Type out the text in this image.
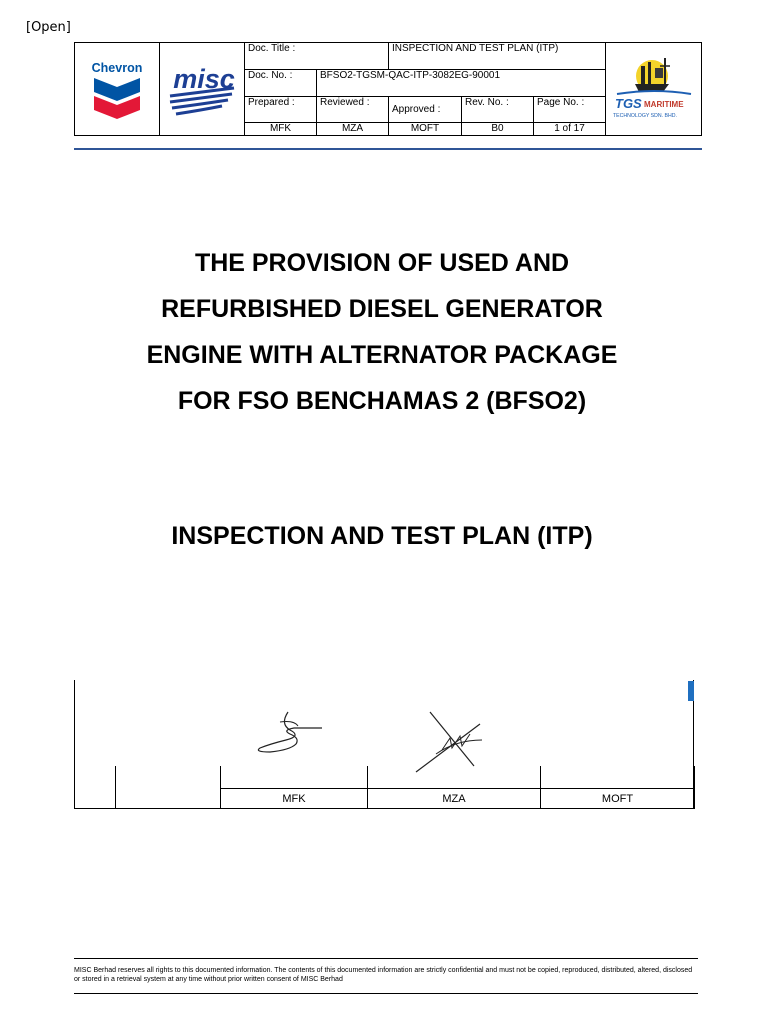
[Open]
Chevron	misc	Doc. Title :		INSPECTION AND TEST PLAN (ITP)			TGS MARITIME
TECHNOLOGY SDN. BHD.

		Doc. No. :	BFSO2-TGSM-QAC-ITP-3082EG-90001				
		Prepared :	Reviewed :	Approved :	Rev. No. :	Page No. :	
		MFK	MZA	MOFT	B0	1 of 17	
THE PROVISION OF USED AND
REFURBISHED DIESEL GENERATOR
ENGINE WITH ALTERNATOR PACKAGE
FOR FSO BENCHAMAS 2 (BFSO2)
INSPECTION AND TEST PLAN (ITP)

		MFK	MZA	MOFT
MISC Berhad reserves all rights to this documented information. The contents of this documented information are strictly confidential and must not be copied, reproduced, distributed, altered, disclosed or stored in a retrieval system at any time without prior written consent of MISC Berhad
